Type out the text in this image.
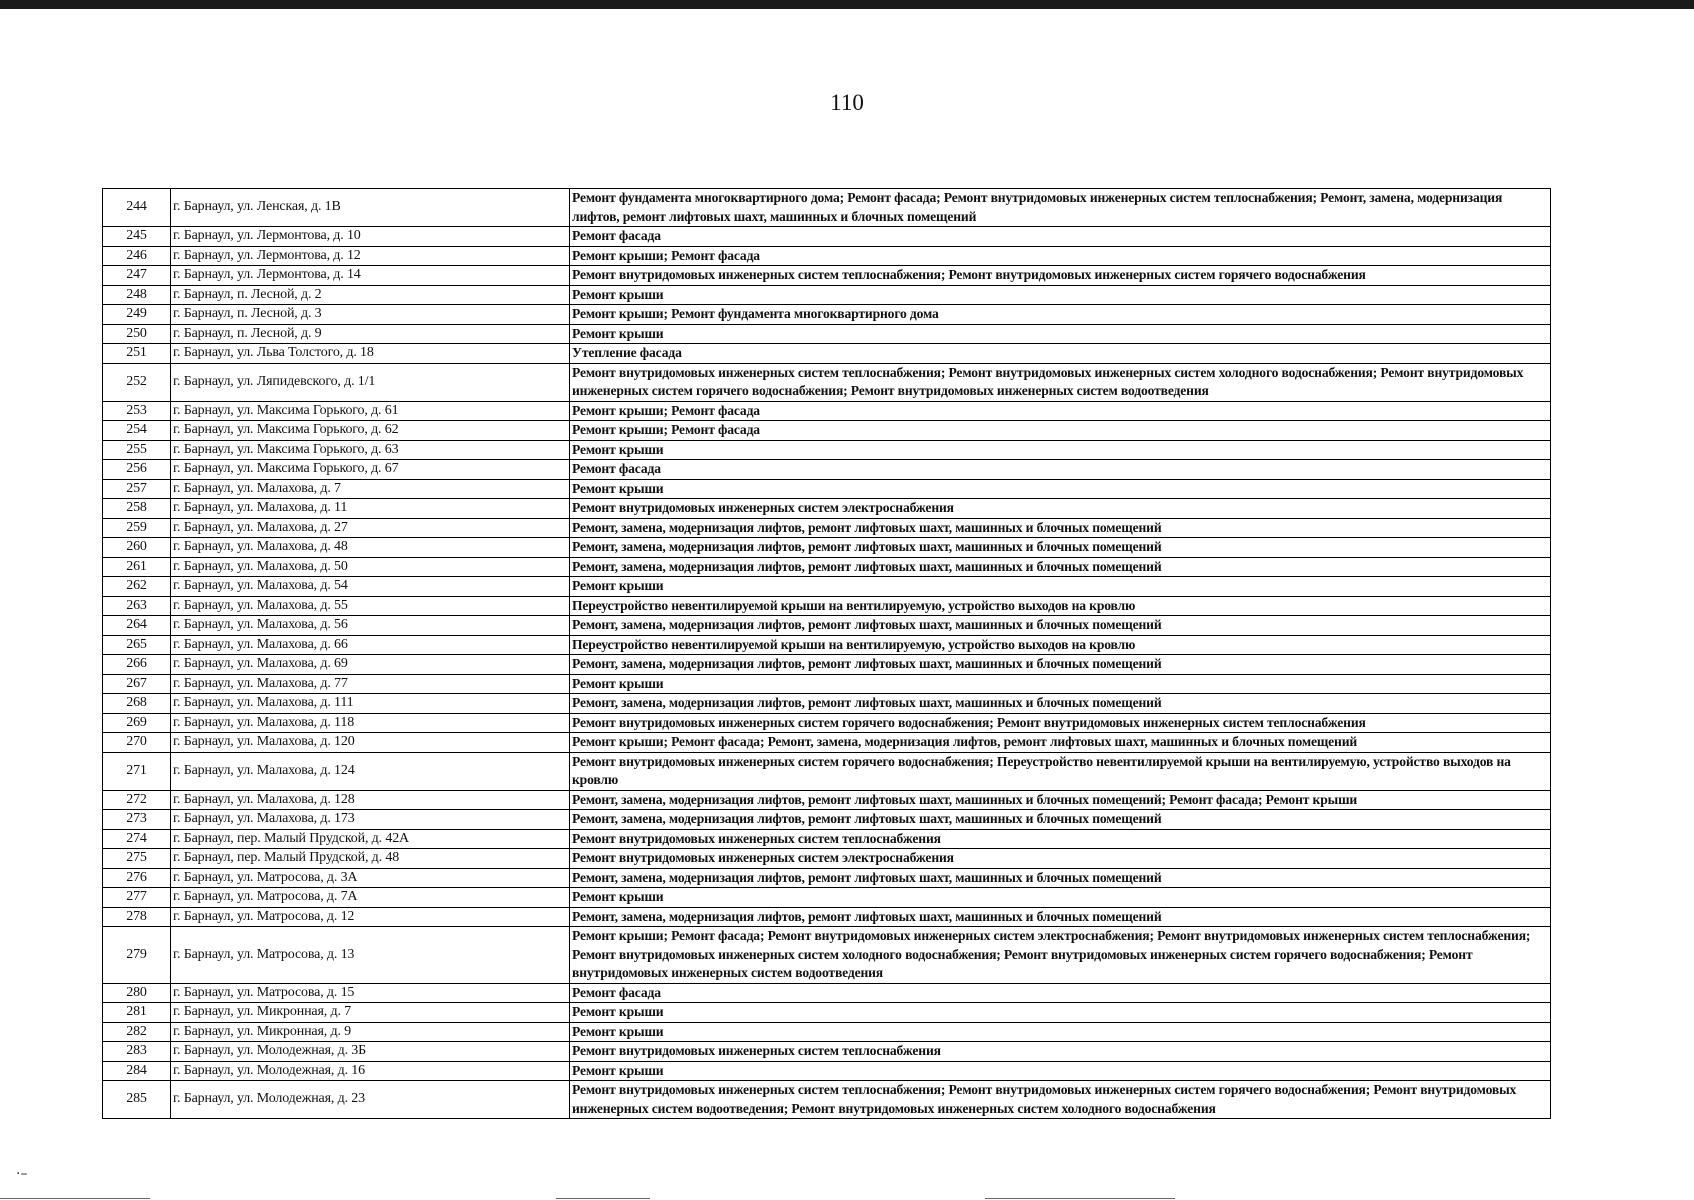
110
244	г. Барнаул, ул. Ленская, д. 1В	Ремонт фундамента многоквартирного дома; Ремонт фасада; Ремонт внутридомовых инженерных систем теплоснабжения; Ремонт, замена, модернизация лифтов, ремонт лифтовых шахт, машинных и блочных помещений
245	г. Барнаул, ул. Лермонтова, д. 10	Ремонт фасада
246	г. Барнаул, ул. Лермонтова, д. 12	Ремонт крыши; Ремонт фасада
247	г. Барнаул, ул. Лермонтова, д. 14	Ремонт внутридомовых инженерных систем теплоснабжения; Ремонт внутридомовых инженерных систем горячего водоснабжения
248	г. Барнаул, п. Лесной, д. 2	Ремонт крыши
249	г. Барнаул, п. Лесной, д. 3	Ремонт крыши; Ремонт фундамента многоквартирного дома
250	г. Барнаул, п. Лесной, д. 9	Ремонт крыши
251	г. Барнаул, ул. Льва Толстого, д. 18	Утепление фасада
252	г. Барнаул, ул. Ляпидевского, д. 1/1	Ремонт внутридомовых инженерных систем теплоснабжения; Ремонт внутридомовых инженерных систем холодного водоснабжения; Ремонт внутридомовых инженерных систем горячего водоснабжения; Ремонт внутридомовых инженерных систем водоотведения
253	г. Барнаул, ул. Максима Горького, д. 61	Ремонт крыши; Ремонт фасада
254	г. Барнаул, ул. Максима Горького, д. 62	Ремонт крыши; Ремонт фасада
255	г. Барнаул, ул. Максима Горького, д. 63	Ремонт крыши
256	г. Барнаул, ул. Максима Горького, д. 67	Ремонт фасада
257	г. Барнаул, ул. Малахова, д. 7	Ремонт крыши
258	г. Барнаул, ул. Малахова, д. 11	Ремонт внутридомовых инженерных систем электроснабжения
259	г. Барнаул, ул. Малахова, д. 27	Ремонт, замена, модернизация лифтов, ремонт лифтовых шахт, машинных и блочных помещений
260	г. Барнаул, ул. Малахова, д. 48	Ремонт, замена, модернизация лифтов, ремонт лифтовых шахт, машинных и блочных помещений
261	г. Барнаул, ул. Малахова, д. 50	Ремонт, замена, модернизация лифтов, ремонт лифтовых шахт, машинных и блочных помещений
262	г. Барнаул, ул. Малахова, д. 54	Ремонт крыши
263	г. Барнаул, ул. Малахова, д. 55	Переустройство невентилируемой крыши на вентилируемую, устройство выходов на кровлю
264	г. Барнаул, ул. Малахова, д. 56	Ремонт, замена, модернизация лифтов, ремонт лифтовых шахт, машинных и блочных помещений
265	г. Барнаул, ул. Малахова, д. 66	Переустройство невентилируемой крыши на вентилируемую, устройство выходов на кровлю
266	г. Барнаул, ул. Малахова, д. 69	Ремонт, замена, модернизация лифтов, ремонт лифтовых шахт, машинных и блочных помещений
267	г. Барнаул, ул. Малахова, д. 77	Ремонт крыши
268	г. Барнаул, ул. Малахова, д. 111	Ремонт, замена, модернизация лифтов, ремонт лифтовых шахт, машинных и блочных помещений
269	г. Барнаул, ул. Малахова, д. 118	Ремонт внутридомовых инженерных систем горячего водоснабжения; Ремонт внутридомовых инженерных систем теплоснабжения
270	г. Барнаул, ул. Малахова, д. 120	Ремонт крыши; Ремонт фасада; Ремонт, замена, модернизация лифтов, ремонт лифтовых шахт, машинных и блочных помещений
271	г. Барнаул, ул. Малахова, д. 124	Ремонт внутридомовых инженерных систем горячего водоснабжения; Переустройство невентилируемой крыши на вентилируемую, устройство выходов на кровлю
272	г. Барнаул, ул. Малахова, д. 128	Ремонт, замена, модернизация лифтов, ремонт лифтовых шахт, машинных и блочных помещений; Ремонт фасада; Ремонт крыши
273	г. Барнаул, ул. Малахова, д. 173	Ремонт, замена, модернизация лифтов, ремонт лифтовых шахт, машинных и блочных помещений
274	г. Барнаул, пер. Малый Прудской, д. 42А	Ремонт внутридомовых инженерных систем теплоснабжения
275	г. Барнаул, пер. Малый Прудской, д. 48	Ремонт внутридомовых инженерных систем электроснабжения
276	г. Барнаул, ул. Матросова, д. 3А	Ремонт, замена, модернизация лифтов, ремонт лифтовых шахт, машинных и блочных помещений
277	г. Барнаул, ул. Матросова, д. 7А	Ремонт крыши
278	г. Барнаул, ул. Матросова, д. 12	Ремонт, замена, модернизация лифтов, ремонт лифтовых шахт, машинных и блочных помещений
279	г. Барнаул, ул. Матросова, д. 13	Ремонт крыши; Ремонт фасада; Ремонт внутридомовых инженерных систем электроснабжения; Ремонт внутридомовых инженерных систем теплоснабжения; Ремонт внутридомовых инженерных систем холодного водоснабжения; Ремонт внутридомовых инженерных систем горячего водоснабжения; Ремонт внутридомовых инженерных систем водоотведения
280	г. Барнаул, ул. Матросова, д. 15	Ремонт фасада
281	г. Барнаул, ул. Микронная, д. 7	Ремонт крыши
282	г. Барнаул, ул. Микронная, д. 9	Ремонт крыши
283	г. Барнаул, ул. Молодежная, д. 3Б	Ремонт внутридомовых инженерных систем теплоснабжения
284	г. Барнаул, ул. Молодежная, д. 16	Ремонт крыши
285	г. Барнаул, ул. Молодежная, д. 23	Ремонт внутридомовых инженерных систем теплоснабжения; Ремонт внутридомовых инженерных систем горячего водоснабжения; Ремонт внутридомовых инженерных систем водоотведения; Ремонт внутридомовых инженерных систем холодного водоснабжения
·–
